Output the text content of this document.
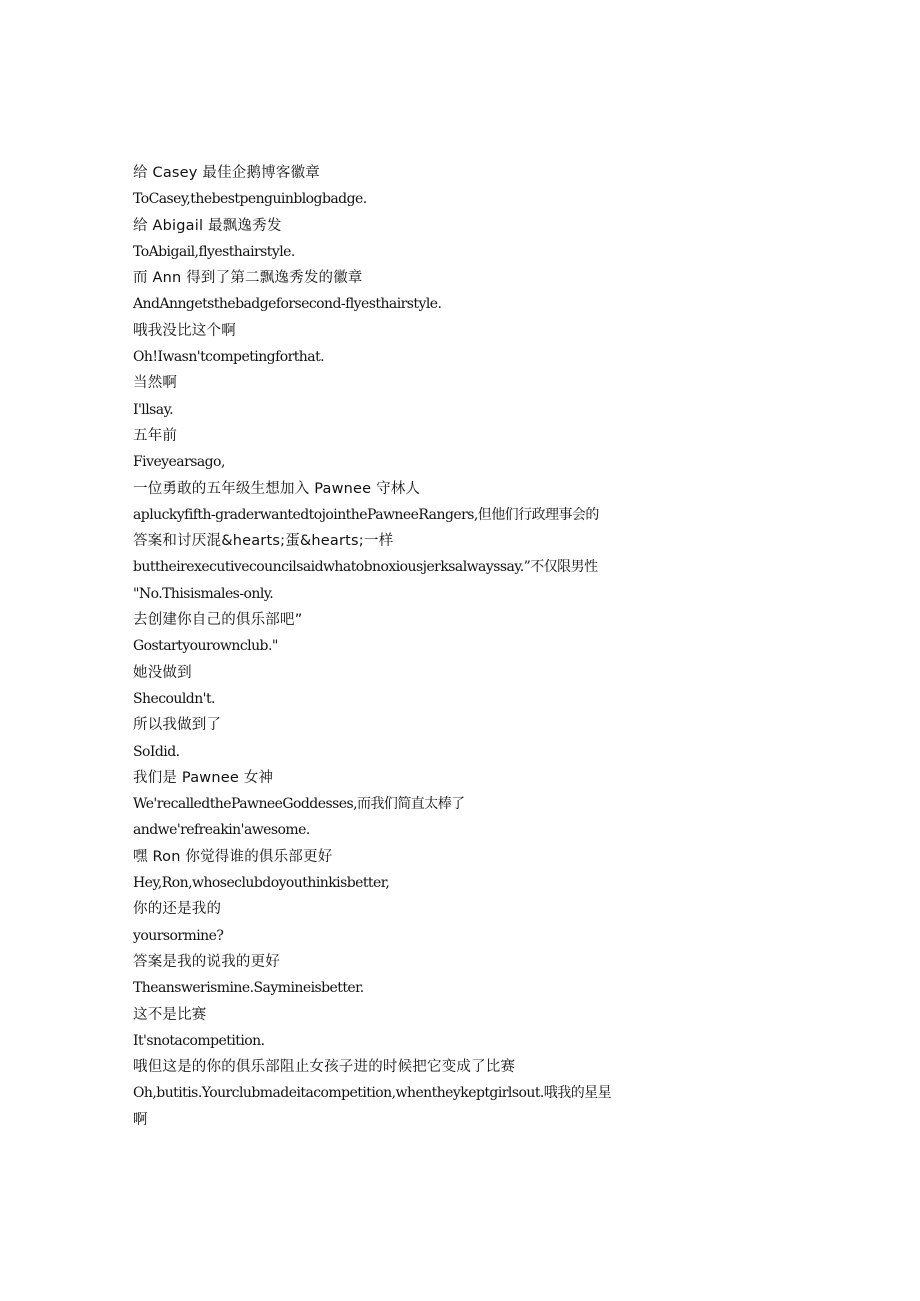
给 Casey 最佳企鹅博客徽章
ToCasey,thebestpenguinblogbadge.
给 Abigail 最飘逸秀发
ToAbigail,flyesthairstyle.
而 Ann 得到了第二飘逸秀发的徽章
AndAnngetsthebadgeforsecond-flyesthairstyle.
哦我没比这个啊
Oh!Iwasn'tcompetingforthat.
当然啊
I'llsay.
五年前
Fiveyearsago,
一位勇敢的五年级生想加入 Pawnee 守林人
apluckyfifth-graderwantedtojointhePawneeRangers,但他们行政理事会的
答案和讨厌混&hearts;蛋&hearts;一样
buttheirexecutivecouncilsaidwhatobnoxiousjerksalwayssay.”不仅限男性
"No.Thisismales-only.
去创建你自己的俱乐部吧”
Gostartyourownclub."
她没做到
Shecouldn't.
所以我做到了
SoIdid.
我们是 Pawnee 女神
We'recalledthePawneeGoddesses,而我们简直太棒了
andwe'refreakin'awesome.
嘿 Ron 你觉得谁的俱乐部更好
Hey,Ron,whoseclubdoyouthinkisbetter,
你的还是我的
yoursormine?
答案是我的说我的更好
Theanswerismine.Saymineisbetter.
这不是比赛
It'snotacompetition.
哦但这是的你的俱乐部阻止女孩子进的时候把它变成了比赛
Oh,butitis.Yourclubmadeitacompetition,whentheykeptgirlsout.哦我的星星
啊
